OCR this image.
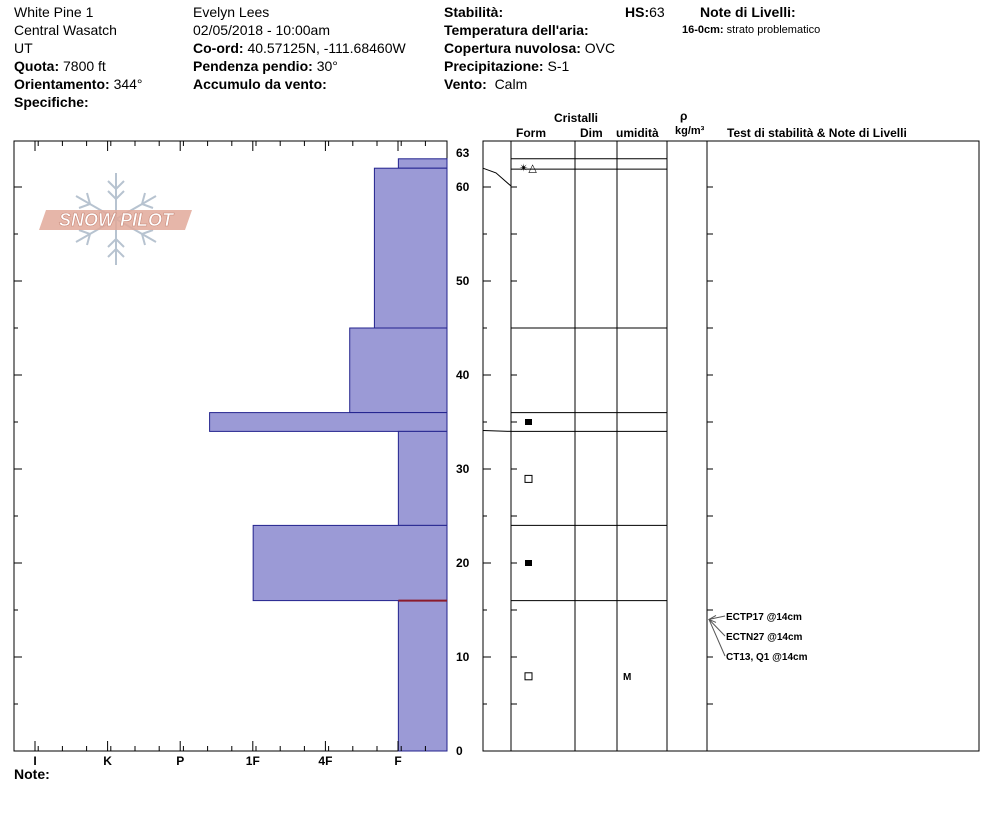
White Pine 1
Central Wasatch
UT
Quota: 7800 ft
Orientamento: 344°
Specifiche:
Evelyn Lees
02/05/2018 - 10:00am
Co-ord: 40.57125N, -111.68460W
Pendenza pendio: 30°
Accumulo da vento:
Stabilità:
Temperatura dell'aria:
Copertura nuvolosa: OVC
Precipitazione: S-1
Vento: Calm
HS:63	Note di Livelli:
16-0cm: strato problematico
Cristalli
Form	Dim umidità
ρ
kg/m³ Test di stabilità & Note di Livelli
Note:
SNOW PILOT
I	K	P	1F	4F	F
0
10
20
30
40
50
60
63
✴△
M
ECTP17 @14cm
ECTN27 @14cm
CT13, Q1 @14cm
